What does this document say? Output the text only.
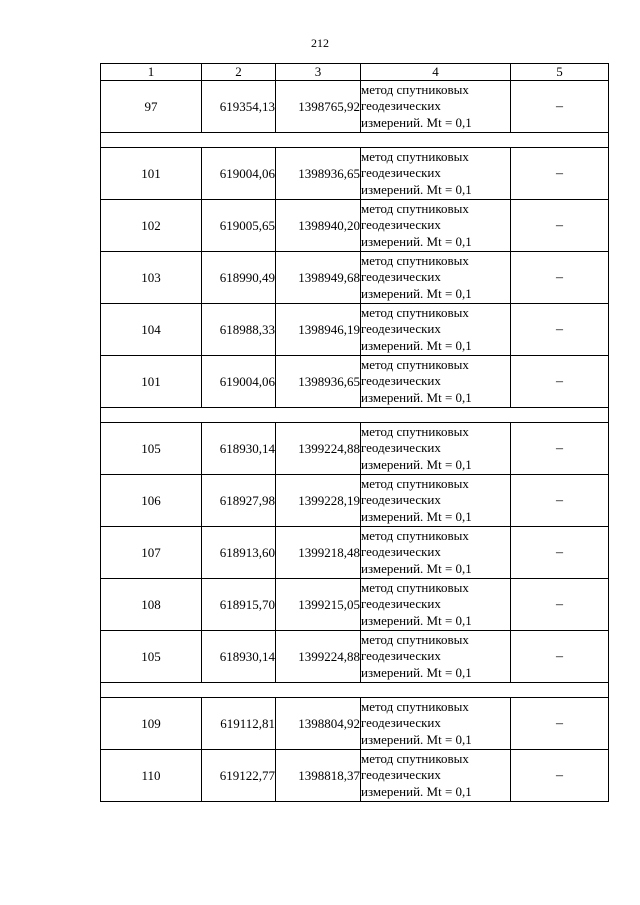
212
1	2	3	4	5
97	619354,13	1398765,92	метод спутниковых
геодезических
измерений. Mt = 0,1	–

101	619004,06	1398936,65	метод спутниковых
геодезических
измерений. Mt = 0,1	–
102	619005,65	1398940,20	метод спутниковых
геодезических
измерений. Mt = 0,1	–
103	618990,49	1398949,68	метод спутниковых
геодезических
измерений. Mt = 0,1	–
104	618988,33	1398946,19	метод спутниковых
геодезических
измерений. Mt = 0,1	–
101	619004,06	1398936,65	метод спутниковых
геодезических
измерений. Mt = 0,1	–

105	618930,14	1399224,88	метод спутниковых
геодезических
измерений. Mt = 0,1	–
106	618927,98	1399228,19	метод спутниковых
геодезических
измерений. Mt = 0,1	–
107	618913,60	1399218,48	метод спутниковых
геодезических
измерений. Mt = 0,1	–
108	618915,70	1399215,05	метод спутниковых
геодезических
измерений. Mt = 0,1	–
105	618930,14	1399224,88	метод спутниковых
геодезических
измерений. Mt = 0,1	–

109	619112,81	1398804,92	метод спутниковых
геодезических
измерений. Mt = 0,1	–
110	619122,77	1398818,37	метод спутниковых
геодезических
измерений. Mt = 0,1	–
